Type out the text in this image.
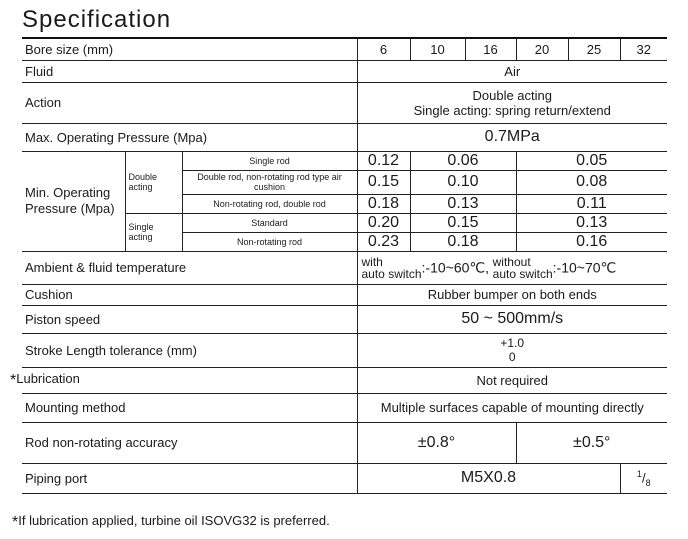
Specification
Bore size (mm)			6	10	16	20	25	32
Fluid			Air					
Action			Double acting
Single acting: spring return/extend					

Max. Operating Pressure (Mpa)			0.7MPa					
Min. Operating Pressure (Mpa)	Double acting	Single rod	0.12	0.06		0.05		
		Double rod, non-rotating rod type air cushion	0.15	0.10		0.08		
		Non-rotating rod, double rod	0.18	0.13		0.11		
	Single acting	Standard	0.20	0.15		0.13		
		Non-rotating rod	0.23	0.18		0.16		
Ambient & fluid temperature			with
auto switch:-10~60℃, without
auto switch:-10~70℃					
Cushion			Rubber bumper on both ends					
Piston speed			50 ~ 500mm/s					
Stroke Length tolerance (mm)			+1.0
0					

*Lubrication			Not required					
Mounting method			Multiple surfaces capable of mounting directly					
Rod non-rotating accuracy			±0.8°			±0.5°		
Piping port			M5X0.8					$^1/_8$
*If lubrication applied, turbine oil ISOVG32 is preferred.
